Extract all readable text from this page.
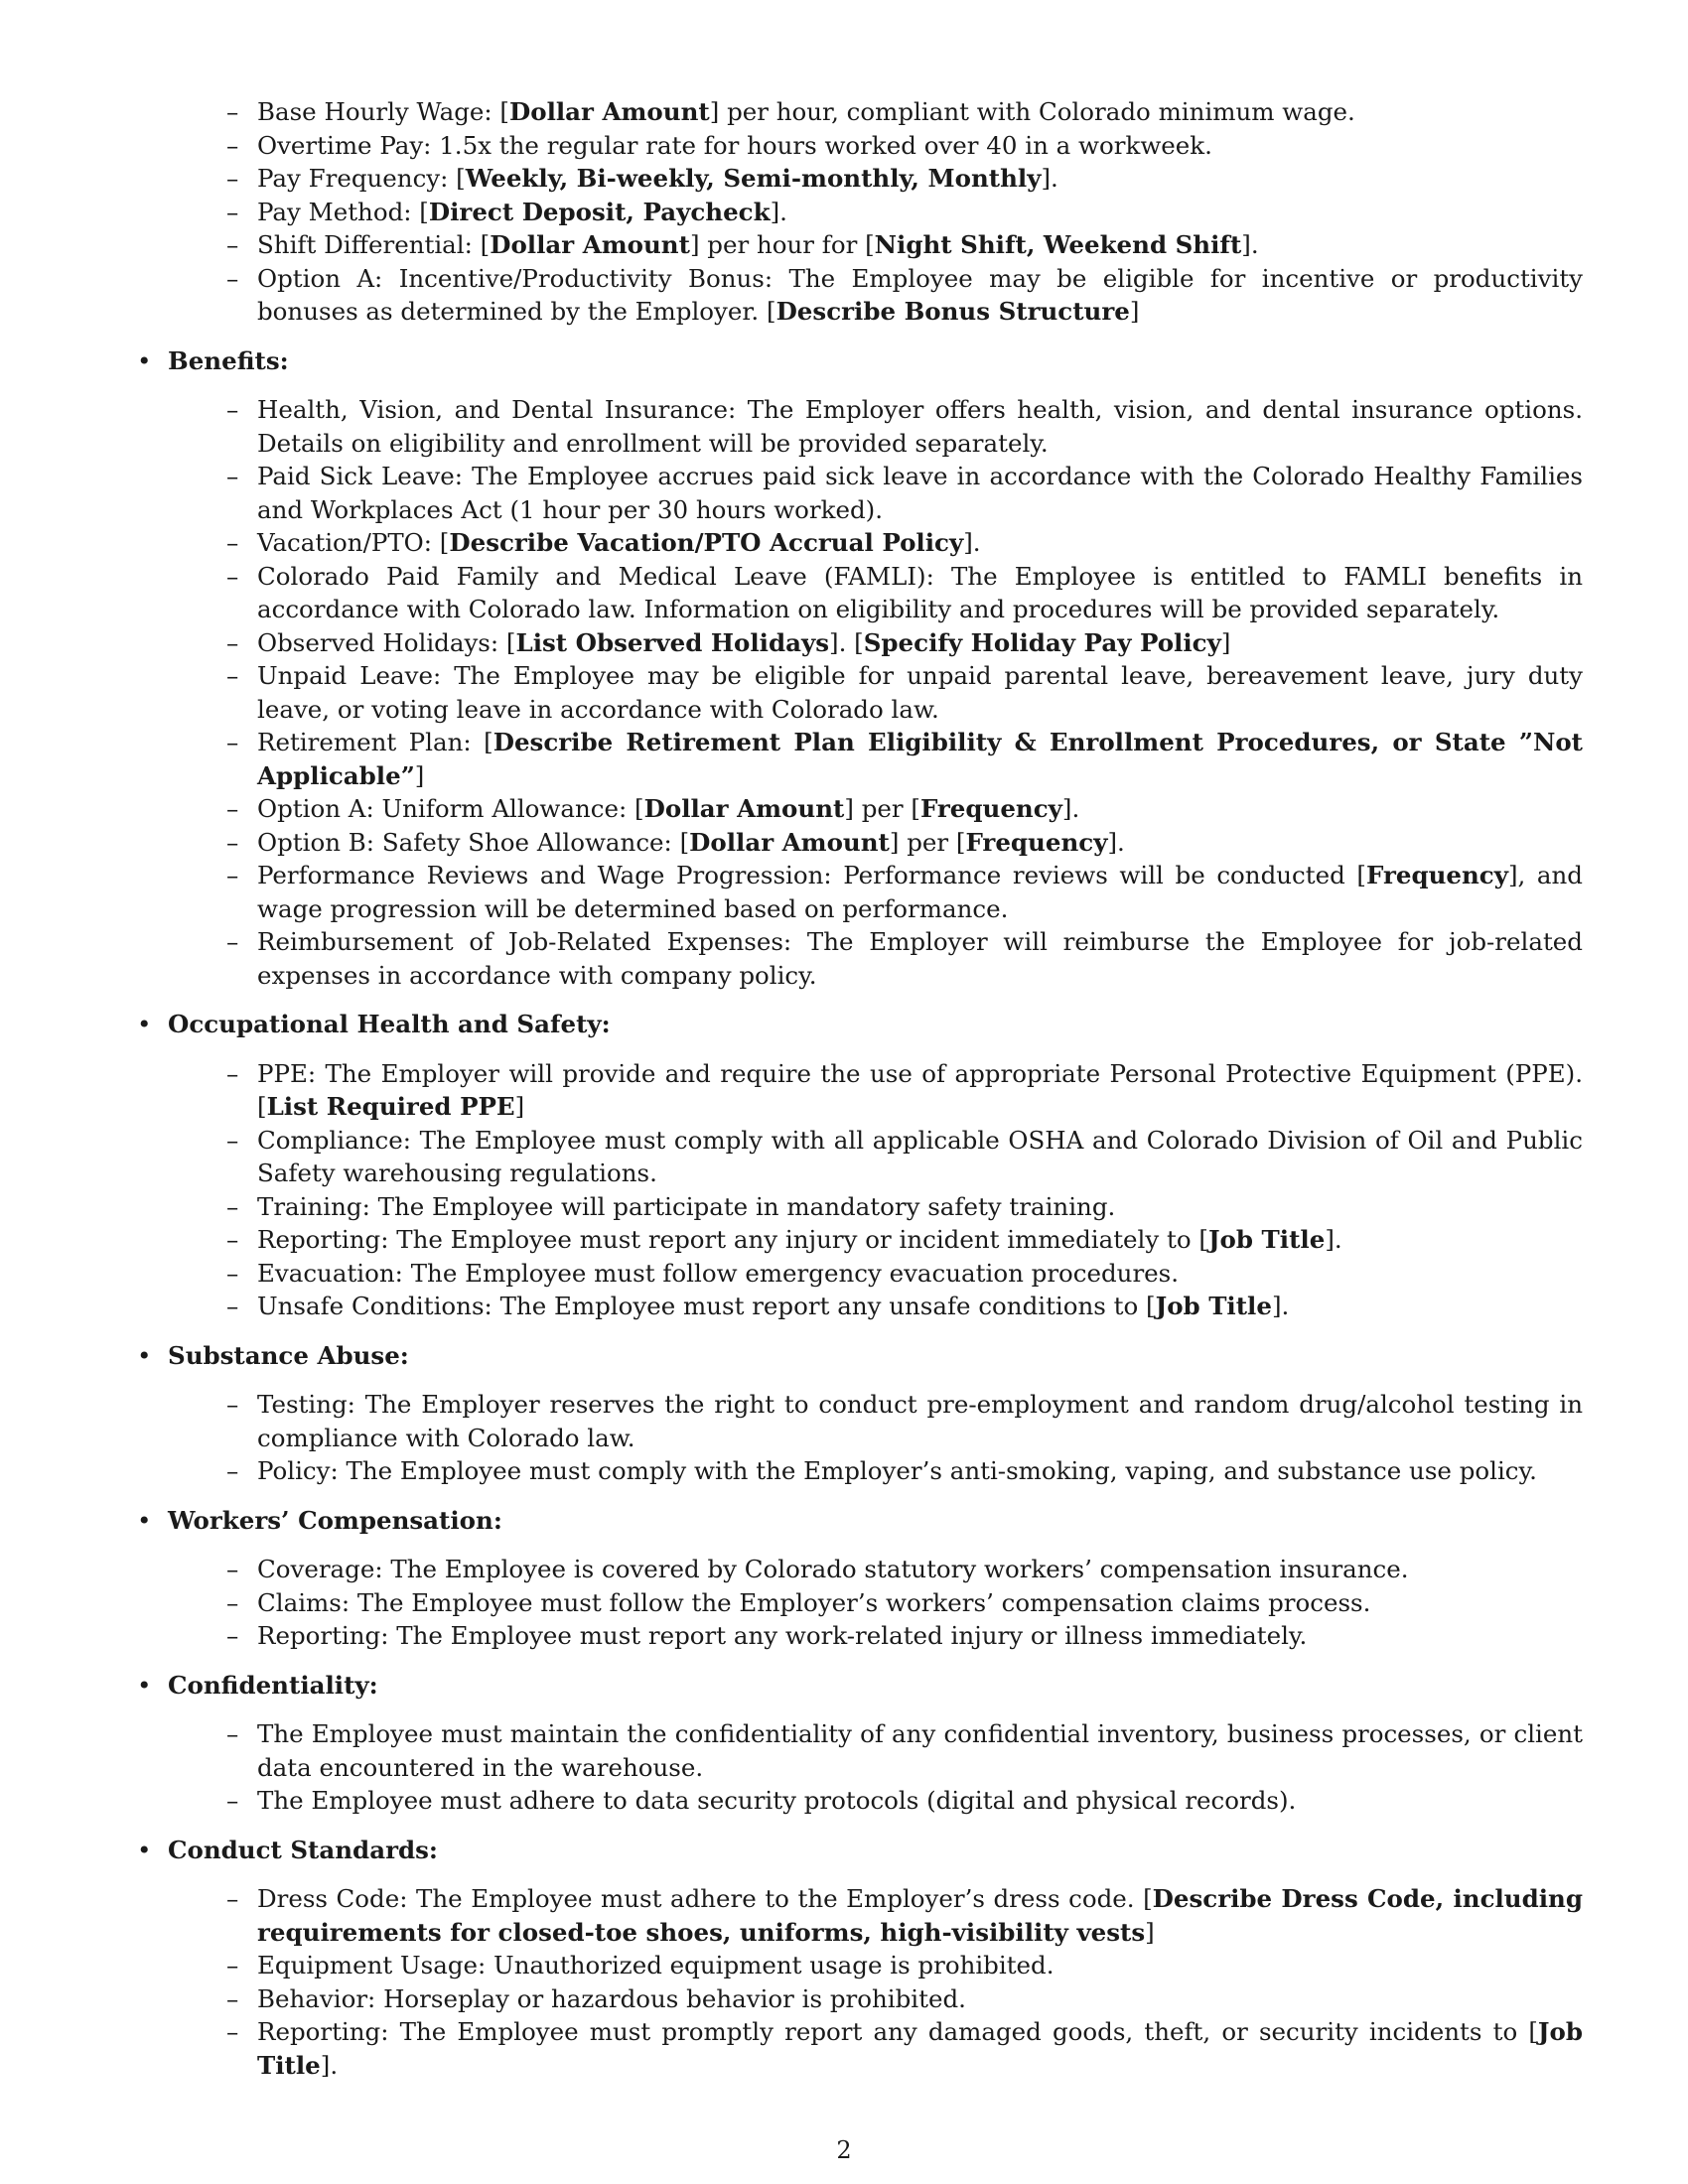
– Base Hourly Wage: [Dollar Amount] per hour, compliant with Colorado minimum wage.
– Overtime Pay: 1.5x the regular rate for hours worked over 40 in a workweek.
– Pay Frequency: [Weekly, Bi-weekly, Semi-monthly, Monthly].
– Pay Method: [Direct Deposit, Paycheck].
– Shift Differential: [Dollar Amount] per hour for [Night Shift, Weekend Shift].
– Option A: Incentive/Productivity Bonus: The Employee may be eligible for incentive or productivity bonuses as determined by the Employer. [Describe Bonus Structure]
• Benefits:
– Health, Vision, and Dental Insurance: The Employer offers health, vision, and dental insurance options. Details on eligibility and enrollment will be provided separately.
– Paid Sick Leave: The Employee accrues paid sick leave in accordance with the Colorado Healthy Families and Workplaces Act (1 hour per 30 hours worked).
– Vacation/PTO: [Describe Vacation/PTO Accrual Policy].
– Colorado Paid Family and Medical Leave (FAMLI): The Employee is entitled to FAMLI benefits in accordance with Colorado law. Information on eligibility and procedures will be provided separately.
– Observed Holidays: [List Observed Holidays]. [Specify Holiday Pay Policy]
– Unpaid Leave: The Employee may be eligible for unpaid parental leave, bereavement leave, jury duty leave, or voting leave in accordance with Colorado law.
– Retirement Plan: [Describe Retirement Plan Eligibility & Enrollment Procedures, or State ”Not Applicable”]
– Option A: Uniform Allowance: [Dollar Amount] per [Frequency].
– Option B: Safety Shoe Allowance: [Dollar Amount] per [Frequency].
– Performance Reviews and Wage Progression: Performance reviews will be conducted [Frequency], and wage progression will be determined based on performance.
– Reimbursement of Job-Related Expenses: The Employer will reimburse the Employee for job-related expenses in accordance with company policy.
• Occupational Health and Safety:
– PPE: The Employer will provide and require the use of appropriate Personal Protective Equipment (PPE). [List Required PPE]
– Compliance: The Employee must comply with all applicable OSHA and Colorado Division of Oil and Public Safety warehousing regulations.
– Training: The Employee will participate in mandatory safety training.
– Reporting: The Employee must report any injury or incident immediately to [Job Title].
– Evacuation: The Employee must follow emergency evacuation procedures.
– Unsafe Conditions: The Employee must report any unsafe conditions to [Job Title].
• Substance Abuse:
– Testing: The Employer reserves the right to conduct pre-employment and random drug/alcohol testing in compliance with Colorado law.
– Policy: The Employee must comply with the Employer’s anti-smoking, vaping, and substance use policy.
• Workers’ Compensation:
– Coverage: The Employee is covered by Colorado statutory workers’ compensation insurance.
– Claims: The Employee must follow the Employer’s workers’ compensation claims process.
– Reporting: The Employee must report any work-related injury or illness immediately.
• Confidentiality:
– The Employee must maintain the confidentiality of any confidential inventory, business processes, or client data encountered in the warehouse.
– The Employee must adhere to data security protocols (digital and physical records).
• Conduct Standards:
– Dress Code: The Employee must adhere to the Employer’s dress code. [Describe Dress Code, including requirements for closed-toe shoes, uniforms, high-visibility vests]
– Equipment Usage: Unauthorized equipment usage is prohibited.
– Behavior: Horseplay or hazardous behavior is prohibited.
– Reporting: The Employee must promptly report any damaged goods, theft, or security incidents to [Job Title].
2
